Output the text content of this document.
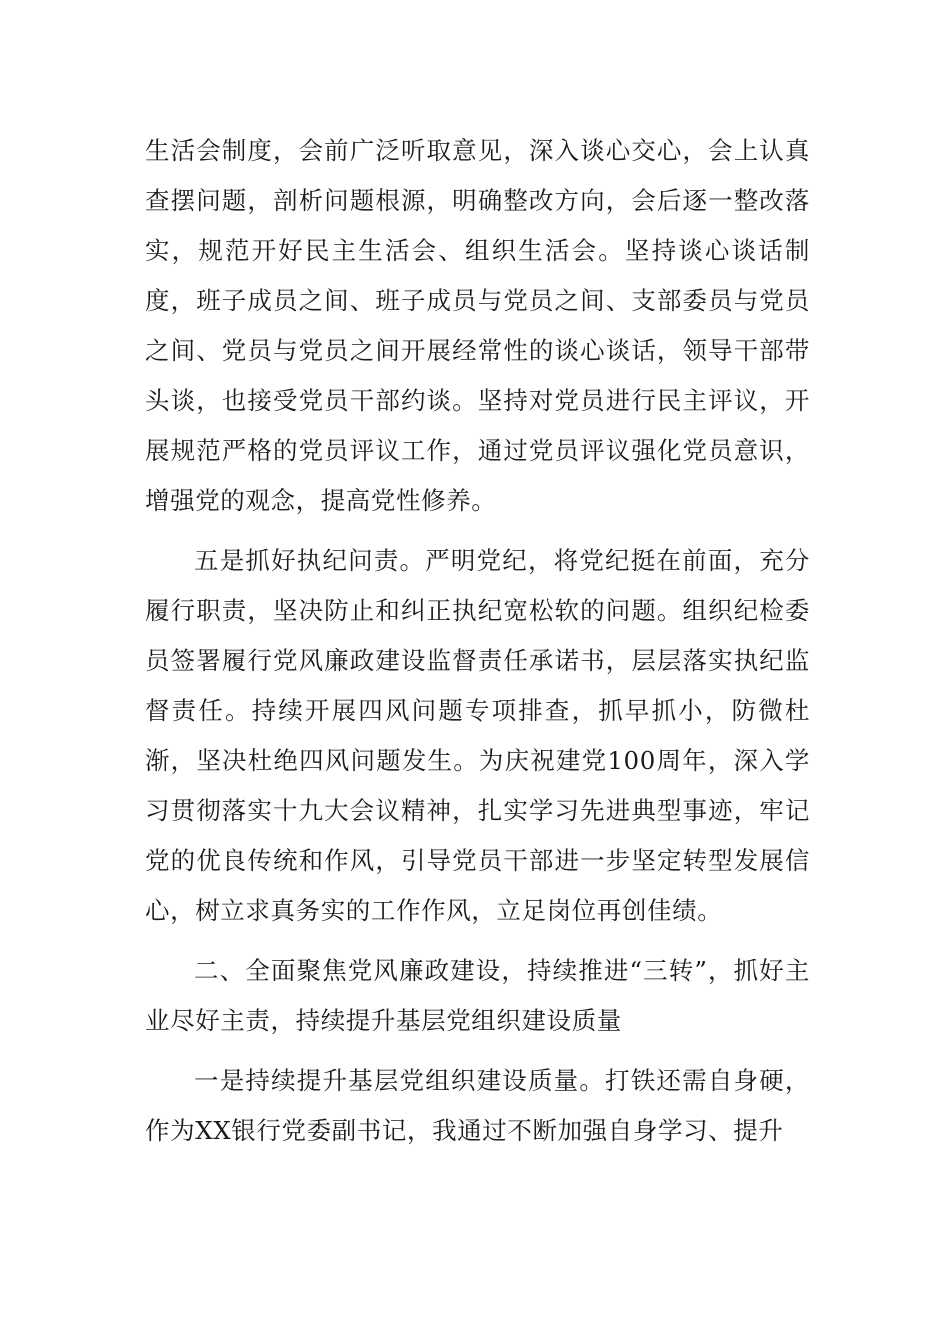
生活会制度，会前广泛听取意见，深入谈心交心，会上认真查摆问题，剖析问题根源，明确整改方向，会后逐一整改落实，规范开好民主生活会、组织生活会。坚持谈心谈话制度，班子成员之间、班子成员与党员之间、支部委员与党员之间、党员与党员之间开展经常性的谈心谈话，领导干部带头谈，也接受党员干部约谈。坚持对党员进行民主评议，开展规范严格的党员评议工作，通过党员评议强化党员意识，增强党的观念，提高党性修养。

五是抓好执纪问责。严明党纪，将党纪挺在前面，充分履行职责，坚决防止和纠正执纪宽松软的问题。组织纪检委员签署履行党风廉政建设监督责任承诺书，层层落实执纪监督责任。持续开展四风问题专项排查，抓早抓小，防微杜渐，坚决杜绝四风问题发生。为庆祝建党100周年，深入学习贯彻落实十九大会议精神，扎实学习先进典型事迹，牢记党的优良传统和作风，引导党员干部进一步坚定转型发展信心，树立求真务实的工作作风，立足岗位再创佳绩。

二、全面聚焦党风廉政建设，持续推进“三转”，抓好主业尽好主责，持续提升基层党组织建设质量

一是持续提升基层党组织建设质量。打铁还需自身硬，作为XX银行党委副书记，我通过不断加强自身学习、提升
